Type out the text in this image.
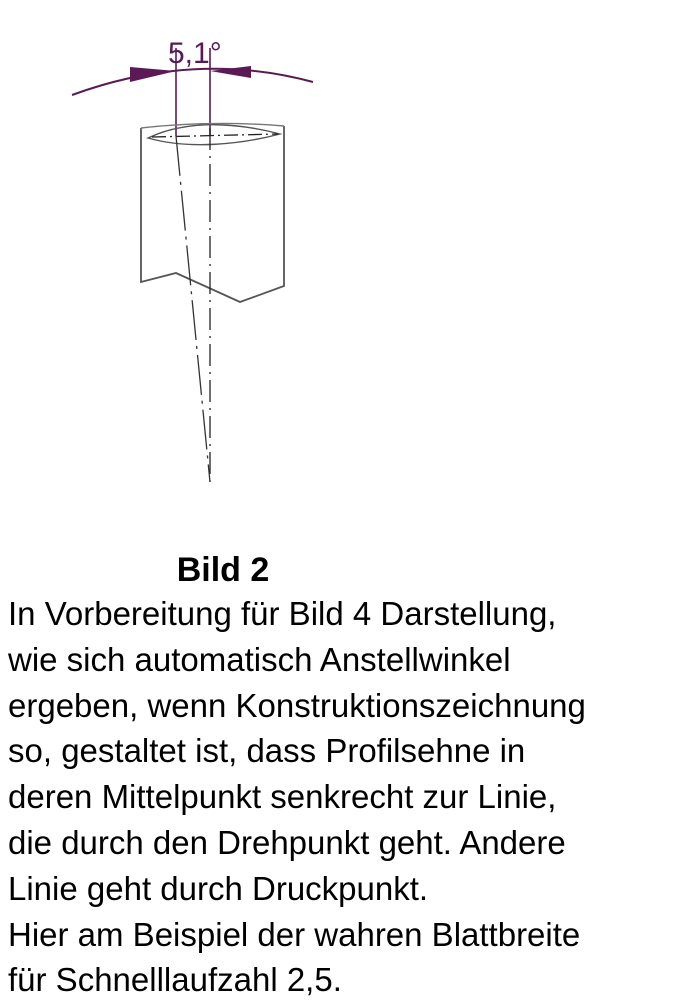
5,1°

Bild 2

In Vorbereitung für Bild 4 Darstellung,
wie sich automatisch Anstellwinkel
ergeben, wenn Konstruktionszeichnung
so, gestaltet ist, dass Profilsehne in
deren Mittelpunkt senkrecht zur Linie,
die durch den Drehpunkt geht. Andere
Linie geht durch Druckpunkt.
Hier am Beispiel der wahren Blattbreite
für Schnelllaufzahl 2,5.
